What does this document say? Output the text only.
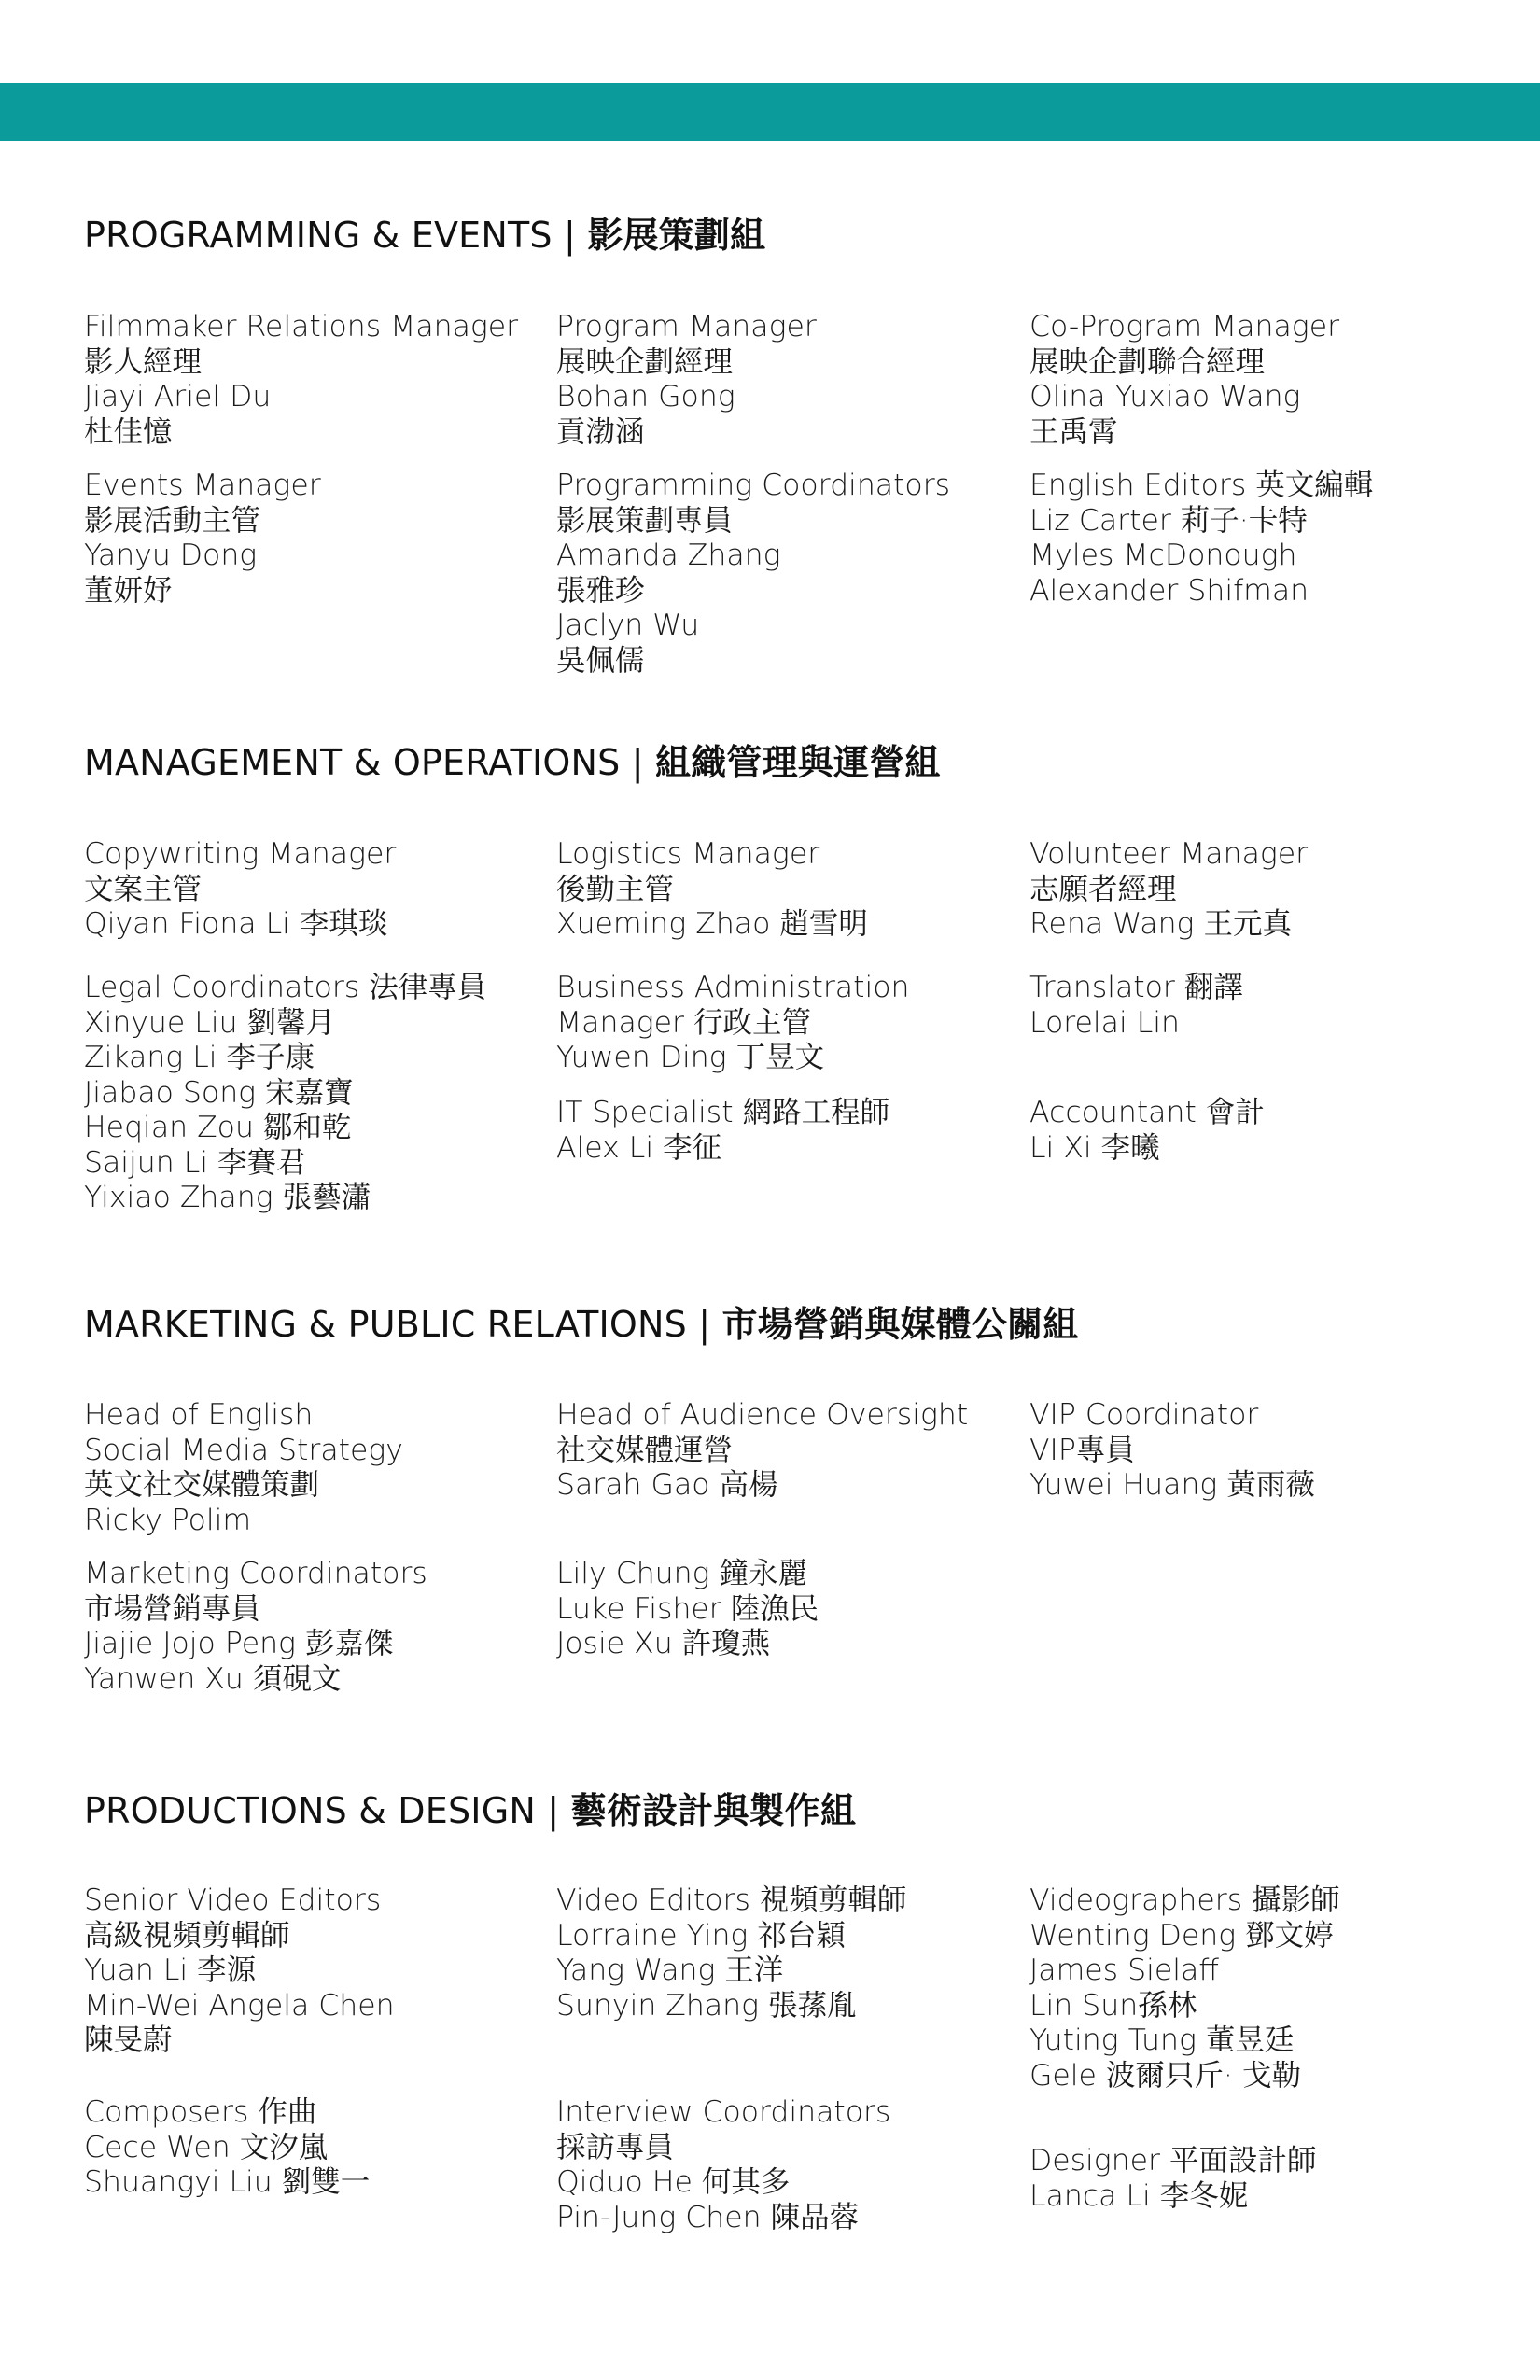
PROGRAMMING & EVENTS | 影展策劃組
Filmmaker Relations Manager
影人經理
Jiayi Ariel Du
杜佳憶
Program Manager
展映企劃經理
Bohan Gong
貢渤涵
Co-Program Manager
展映企劃聯合經理
Olina Yuxiao Wang
王禹霄
Events Manager
影展活動主管
Yanyu Dong
董妍妤
Programming Coordinators
影展策劃專員
Amanda Zhang
張雅珍
Jaclyn Wu
吳佩儒
English Editors 英文編輯
Liz Carter 莉子·卡特
Myles McDonough
Alexander Shifman
MANAGEMENT & OPERATIONS | 組織管理與運營組
Copywriting Manager
文案主管
Qiyan Fiona Li 李琪琰
Logistics Manager
後勤主管
Xueming Zhao 趙雪明
Volunteer Manager
志願者經理
Rena Wang 王元真
Legal Coordinators 法律專員
Xinyue Liu 劉馨月
Zikang Li 李子康
Jiabao Song 宋嘉寶
Heqian Zou 鄒和乾
Saijun Li 李賽君
Yixiao Zhang 張藝瀟
Business Administration
Manager 行政主管
Yuwen Ding 丁昱文
Translator 翻譯
Lorelai Lin
IT Specialist 網路工程師
Alex Li 李征
Accountant 會計
Li Xi 李曦
MARKETING & PUBLIC RELATIONS | 市場營銷與媒體公關組
Head of English
Social Media Strategy
英文社交媒體策劃
Ricky Polim
Head of Audience Oversight
社交媒體運營
Sarah Gao 高楊
VIP Coordinator
VIP專員
Yuwei Huang 黃雨薇
Marketing Coordinators
市場營銷專員
Jiajie Jojo Peng 彭嘉傑
Yanwen Xu 須硯文
Lily Chung 鐘永麗
Luke Fisher 陸漁民
Josie Xu 許瓊燕
PRODUCTIONS & DESIGN | 藝術設計與製作組
Senior Video Editors
高級視頻剪輯師
Yuan Li 李源
Min-Wei Angela Chen
陳旻蔚
Video Editors 視頻剪輯師
Lorraine Ying 祁台穎
Yang Wang 王洋
Sunyin Zhang 張蓀胤
Videographers 攝影師
Wenting Deng 鄧文婷
James Sielaff
Lin Sun孫林
Yuting Tung 董昱廷
Gele 波爾只斤· 戈勒
Composers 作曲
Cece Wen 文汐嵐
Shuangyi Liu 劉雙一
Interview Coordinators
採訪專員
Qiduo He 何其多
Pin-Jung Chen 陳品蓉
Designer 平面設計師
Lanca Li 李冬妮
